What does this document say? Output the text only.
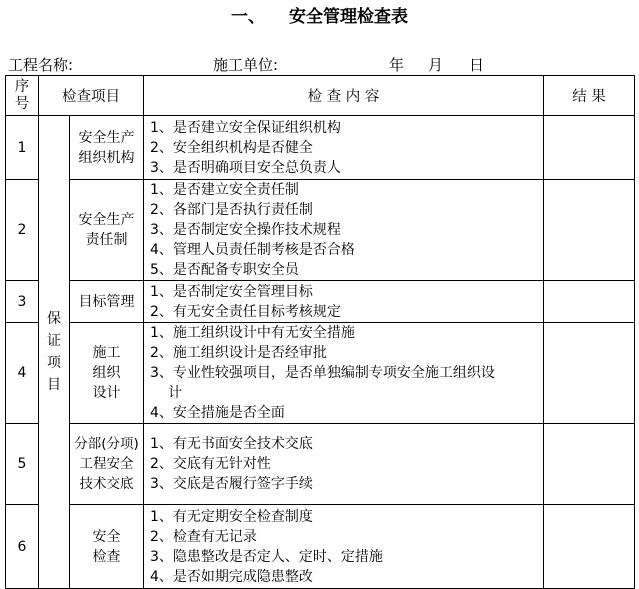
一、 安全管理检查表
工程名称:	施工单位:	年 月 日
序号	检查项目		检 查 内 容	结 果
1	保证项目	安全生产组织机构	1、是否建立安全保证组织机构
2、安全组织机构是否健全
3、是否明确项目安全总负责人	

2		安全生产责任制	1、是否建立安全责任制
2、各部门是否执行责任制
3、是否制定安全操作技术规程
4、管理人员责任制考核是否合格
5、是否配备专职安全员	

3		目标管理	1、是否制定安全管理目标
2、有无安全责任目标考核规定	

4		施工组织设计	1、施工组织设计中有无安全措施
2、施工组织设计是否经审批
3、专业性较强项目，是否单独编制专项安全施工组织设
计
4、安全措施是否全面	

5		分部(分项)工程安全技术交底	1、有无书面安全技术交底
2、交底有无针对性
3、交底是否履行签字手续	

6		安全检查	1、有无定期安全检查制度
2、检查有无记录
3、隐患整改是否定人、定时、定措施
4、是否如期完成隐患整改	
